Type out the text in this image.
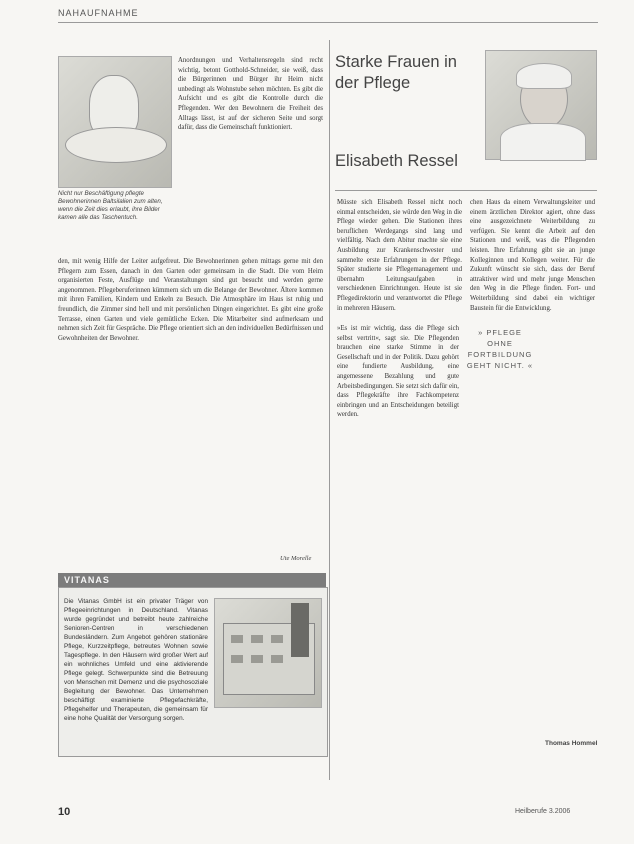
NAHAUFNAHME
Nicht nur Beschäftigung pflegte Bewohnerinnen Baltsilalien zum alten, wenn die Zeit dies erlaubt, ihre Bilder kamen alle das Taschentuch.

Anordnungen und Verhaltensregeln sind recht wichtig, betont Gotthold-Schneider, sie weiß, dass die Bürgerinnen und Bürger ihr Heim nicht unbedingt als Wohnstube sehen möchten. Es gibt die Aufsicht und es gibt die Kontrolle durch die Pflegenden. Wer den Bewohnern die Freiheit des Alltags lässt, ist auf der sicheren Seite und sorgt dafür, dass die Gemeinschaft funktioniert.

den, mit wenig Hilfe der Leiter aufgefreut. Die Bewohnerinnen gehen mittags gerne mit den Pflegern zum Essen, danach in den Garten oder gemeinsam in die Stadt. Die vom Heim organisierten Feste, Ausflüge und Veranstaltungen sind gut besucht und werden gerne angenommen. Pflegeberuferinnen kümmern sich um die Belange der Bewohner. Ältere kommen mit ihren Familien, Kindern und Enkeln zu Besuch. Die Atmosphäre im Haus ist ruhig und freundlich, die Zimmer sind hell und mit persönlichen Dingen eingerichtet. Es gibt eine große Terrasse, einen Garten und viele gemütliche Ecken. Die Mitarbeiter sind aufmerksam und nehmen sich Zeit für Gespräche. Die Pflege orientiert sich an den individuellen Bedürfnissen und Gewohnheiten der Bewohner.

Ute Morelle
VITANAS

Die Vitanas GmbH ist ein privater Träger von Pflegeeinrichtungen in Deutschland. Vitanas wurde gegründet und betreibt heute zahlreiche Senioren-Centren in verschiedenen Bundesländern. Zum Angebot gehören stationäre Pflege, Kurzzeitpflege, betreutes Wohnen sowie Tagespflege. In den Häusern wird großer Wert auf ein wohnliches Umfeld und eine aktivierende Pflege gelegt. Schwerpunkte sind die Betreuung von Menschen mit Demenz und die psychosoziale Begleitung der Bewohner. Das Unternehmen beschäftigt examinierte Pflegefachkräfte, Pflegehelfer und Therapeuten, die gemeinsam für eine hohe Qualität der Versorgung sorgen.

Starke Frauen in der Pflege
Elisabeth Ressel

Müsste sich Elisabeth Ressel nicht noch einmal entscheiden, sie würde den Weg in die Pflege wieder gehen. Die Stationen ihres beruflichen Werdegangs sind lang und vielfältig. Nach dem Abitur machte sie eine Ausbildung zur Krankenschwester und sammelte erste Erfahrungen in der Pflege. Später studierte sie Pflegemanagement und übernahm Leitungsaufgaben in verschiedenen Einrichtungen. Heute ist sie Pflegedirektorin und verantwortet die Pflege in mehreren Häusern.

»Es ist mir wichtig, dass die Pflege sich selbst vertritt«, sagt sie. Die Pflegenden brauchen eine starke Stimme in der Gesellschaft und in der Politik. Dazu gehört eine fundierte Ausbildung, eine angemessene Bezahlung und gute Arbeitsbedingungen. Sie setzt sich dafür ein, dass Pflegekräfte ihre Fachkompetenz einbringen und an Entscheidungen beteiligt werden.

» PFLEGE OHNE FORTBILDUNG GEHT NICHT. «

chen Haus da einem Verwaltungsleiter und einem ärztlichen Direktor agiert, ohne dass eine ausgezeichnete Weiterbildung zu verfügen. Sie kennt die Arbeit auf den Stationen und weiß, was die Pflegenden leisten. Ihre Erfahrung gibt sie an junge Kolleginnen und Kollegen weiter. Für die Zukunft wünscht sie sich, dass der Beruf attraktiver wird und mehr junge Menschen den Weg in die Pflege finden. Fort- und Weiterbildung sind dabei ein wichtiger Baustein für die Entwicklung.

Thomas Hommel
10	Heilberufe 3.2006
